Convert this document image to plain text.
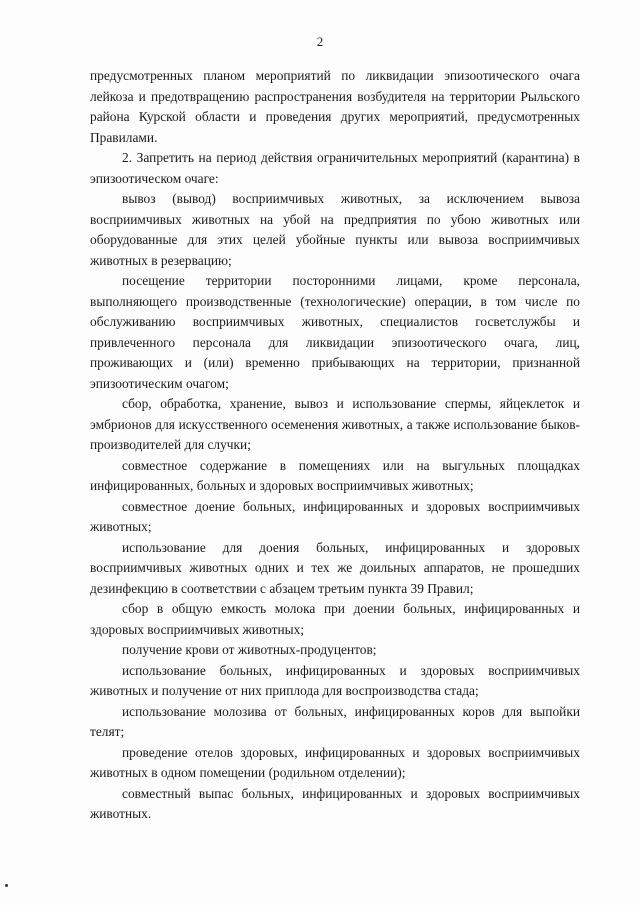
2

предусмотренных планом мероприятий по ликвидации эпизоотического очага лейкоза и предотвращению распространения возбудителя на территории Рыльского района Курской области и проведения других мероприятий, предусмотренных Правилами.

2. Запретить на период действия ограничительных мероприятий (карантина) в эпизоотическом очаге:

вывоз (вывод) восприимчивых животных, за исключением вывоза восприимчивых животных на убой на предприятия по убою животных или оборудованные для этих целей убойные пункты или вывоза восприимчивых животных в резервацию;

посещение территории посторонними лицами, кроме персонала, выполняющего производственные (технологические) операции, в том числе по обслуживанию восприимчивых животных, специалистов госветслужбы и привлеченного персонала для ликвидации эпизоотического очага, лиц, проживающих и (или) временно прибывающих на территории, признанной эпизоотическим очагом;

сбор, обработка, хранение, вывоз и использование спермы, яйцеклеток и эмбрионов для искусственного осеменения животных, а также использование быков-производителей для случки;

совместное содержание в помещениях или на выгульных площадках инфицированных, больных и здоровых восприимчивых животных;

совместное доение больных, инфицированных и здоровых восприимчивых животных;

использование для доения больных, инфицированных и здоровых восприимчивых животных одних и тех же доильных аппаратов, не прошедших дезинфекцию в соответствии с абзацем третьим пункта 39 Правил;

сбор в общую емкость молока при доении больных, инфицированных и здоровых восприимчивых животных;

получение крови от животных-продуцентов;

использование больных, инфицированных и здоровых восприимчивых животных и получение от них приплода для воспроизводства стада;

использование молозива от больных, инфицированных коров для выпойки телят;

проведение отелов здоровых, инфицированных и здоровых восприимчивых животных в одном помещении (родильном отделении);

совместный выпас больных, инфицированных и здоровых восприимчивых животных.
